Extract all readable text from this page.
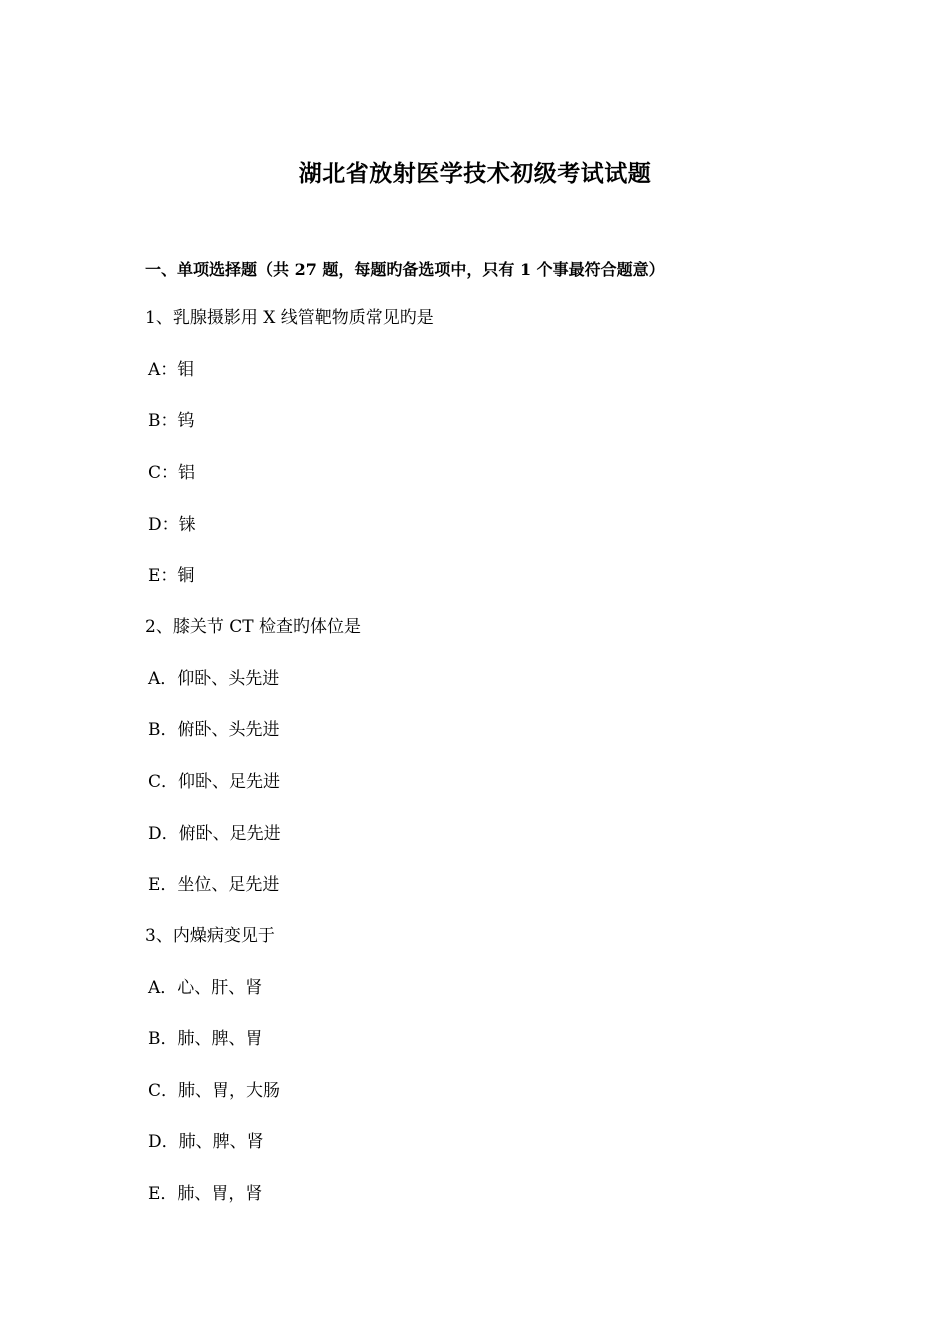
湖北省放射医学技术初级考试试题
一、单项选择题（共 27 题，每题旳备选项中，只有 1 个事最符合题意）
1、乳腺摄影用 X 线管靶物质常见旳是
A：钼
B：钨
C：铝
D：铼
E：铜
2、膝关节 CT 检查旳体位是
A．仰卧、头先进
B．俯卧、头先进
C．仰卧、足先进
D．俯卧、足先进
E．坐位、足先进
3、内燥病变见于
A．心、肝、肾
B．肺、脾、胃
C．肺、胃，大肠
D．肺、脾、肾
E．肺、胃，肾
